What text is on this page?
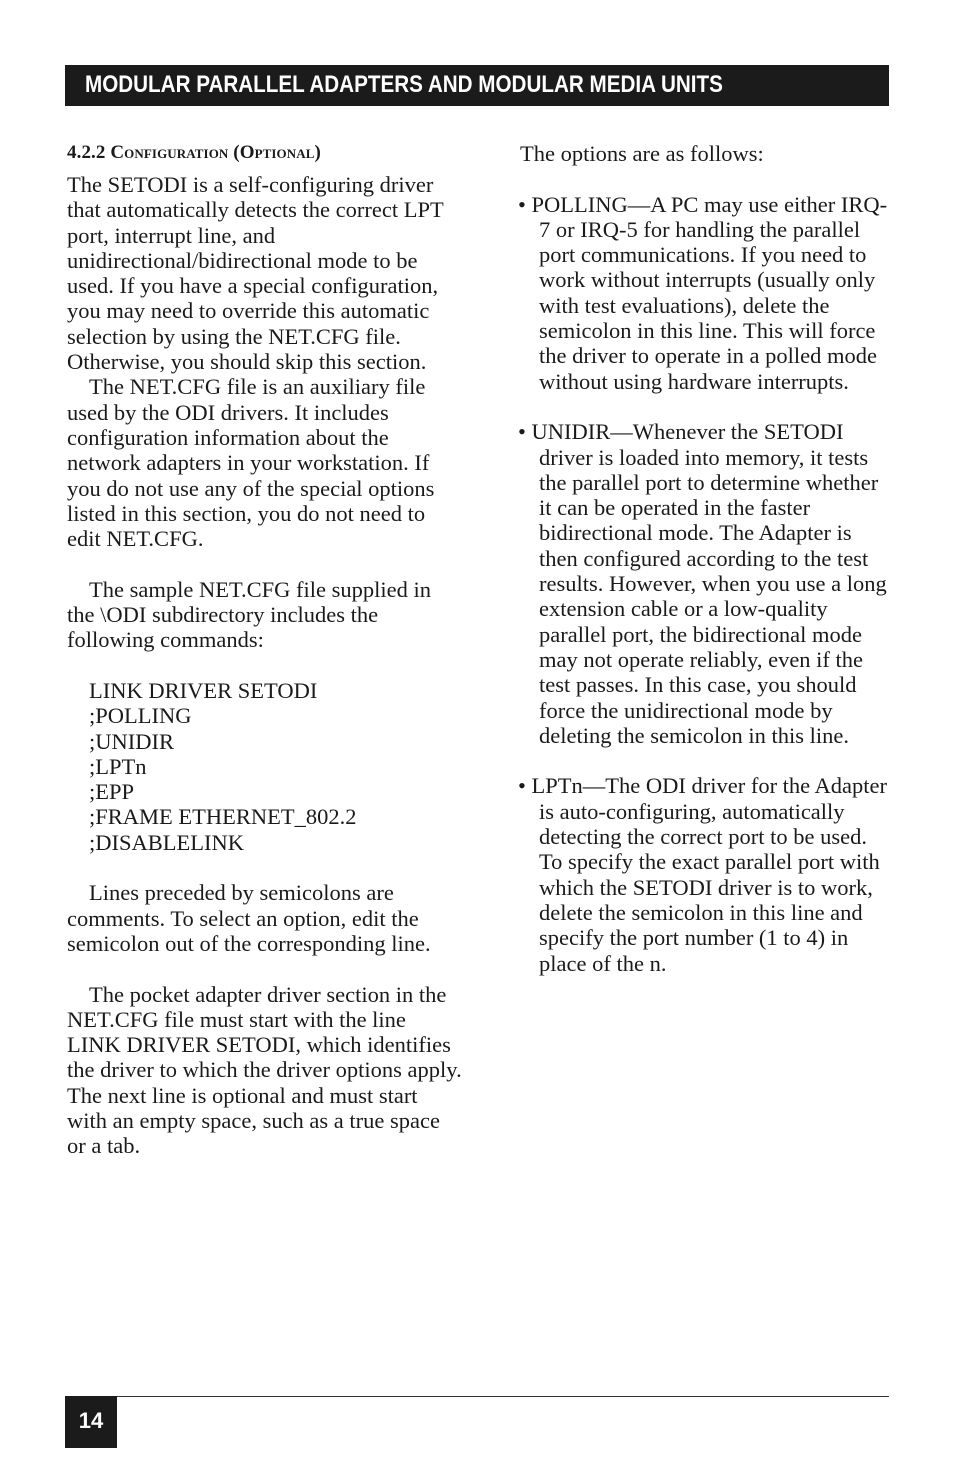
MODULAR PARALLEL ADAPTERS AND MODULAR MEDIA UNITS
4.2.2 Configuration (Optional)

The SETODI is a self-configuring driver that automatically detects the correct LPT port, interrupt line, and unidirectional/bidirectional mode to be used. If you have a special configuration, you may need to override this automatic selection by using the NET.CFG file. Otherwise, you should skip this section.

The NET.CFG file is an auxiliary file used by the ODI drivers. It includes configuration information about the network adapters in your workstation. If you do not use any of the special options listed in this section, you do not need to edit NET.CFG.

The sample NET.CFG file supplied in the \ODI subdirectory includes the following commands:

LINK DRIVER SETODI
;POLLING
;UNIDIR
;LPTn
;EPP
;FRAME ETHERNET_802.2
;DISABLELINK

Lines preceded by semicolons are comments. To select an option, edit the semicolon out of the corresponding line.

The pocket adapter driver section in the NET.CFG file must start with the line LINK DRIVER SETODI, which identifies the driver to which the driver options apply. The next line is optional and must start with an empty space, such as a true space or a tab.

The options are as follows:

• POLLING—A PC may use either IRQ-7 or IRQ-5 for handling the parallel port communications. If you need to work without interrupts (usually only with test evaluations), delete the semicolon in this line. This will force the driver to operate in a polled mode without using hardware interrupts.

• UNIDIR—Whenever the SETODI driver is loaded into memory, it tests the parallel port to determine whether it can be operated in the faster bidirectional mode. The Adapter is then configured according to the test results. However, when you use a long extension cable or a low-quality parallel port, the bidirectional mode may not operate reliably, even if the test passes. In this case, you should force the unidirectional mode by deleting the semicolon in this line.

• LPTn—The ODI driver for the Adapter is auto-configuring, automatically detecting the correct port to be used. To specify the exact parallel port with which the SETODI driver is to work, delete the semicolon in this line and specify the port number (1 to 4) in place of the n.

14
